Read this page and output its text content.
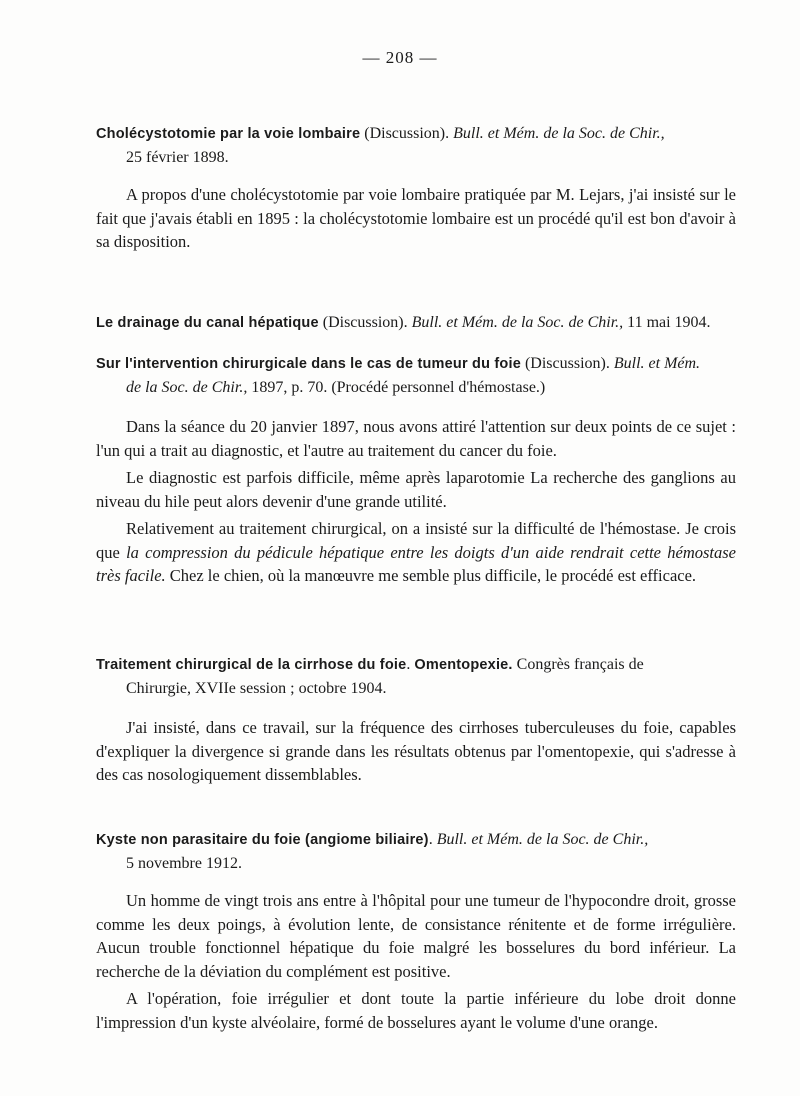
— 208 —

Cholécystotomie par la voie lombaire (Discussion). Bull. et Mém. de la Soc. de Chir.,
25 février 1898.

A propos d'une cholécystotomie par voie lombaire pratiquée par M. Lejars, j'ai insisté sur le fait que j'avais établi en 1895 : la cholécystotomie lombaire est un procédé qu'il est bon d'avoir à sa disposition.

Le drainage du canal hépatique (Discussion). Bull. et Mém. de la Soc. de Chir., 11 mai 1904.

Sur l'intervention chirurgicale dans le cas de tumeur du foie (Discussion). Bull. et Mém.
de la Soc. de Chir., 1897, p. 70. (Procédé personnel d'hémostase.)

Dans la séance du 20 janvier 1897, nous avons attiré l'attention sur deux points de ce sujet : l'un qui a trait au diagnostic, et l'autre au traitement du cancer du foie.

Le diagnostic est parfois difficile, même après laparotomie La recherche des ganglions au niveau du hile peut alors devenir d'une grande utilité.

Relativement au traitement chirurgical, on a insisté sur la difficulté de l'hémostase. Je crois que la compression du pédicule hépatique entre les doigts d'un aide rendrait cette hémostase très facile. Chez le chien, où la manœuvre me semble plus difficile, le procédé est efficace.

Traitement chirurgical de la cirrhose du foie. Omentopexie. Congrès français de
Chirurgie, XVIIe session ; octobre 1904.

J'ai insisté, dans ce travail, sur la fréquence des cirrhoses tuberculeuses du foie, capables d'expliquer la divergence si grande dans les résultats obtenus par l'omentopexie, qui s'adresse à des cas nosologiquement dissemblables.

Kyste non parasitaire du foie (angiome biliaire). Bull. et Mém. de la Soc. de Chir.,
5 novembre 1912.

Un homme de vingt trois ans entre à l'hôpital pour une tumeur de l'hypocondre droit, grosse comme les deux poings, à évolution lente, de consistance rénitente et de forme irrégulière. Aucun trouble fonctionnel hépatique du foie malgré les bosselures du bord inférieur. La recherche de la déviation du complément est positive.

A l'opération, foie irrégulier et dont toute la partie inférieure du lobe droit donne l'impression d'un kyste alvéolaire, formé de bosselures ayant le volume d'une orange.
